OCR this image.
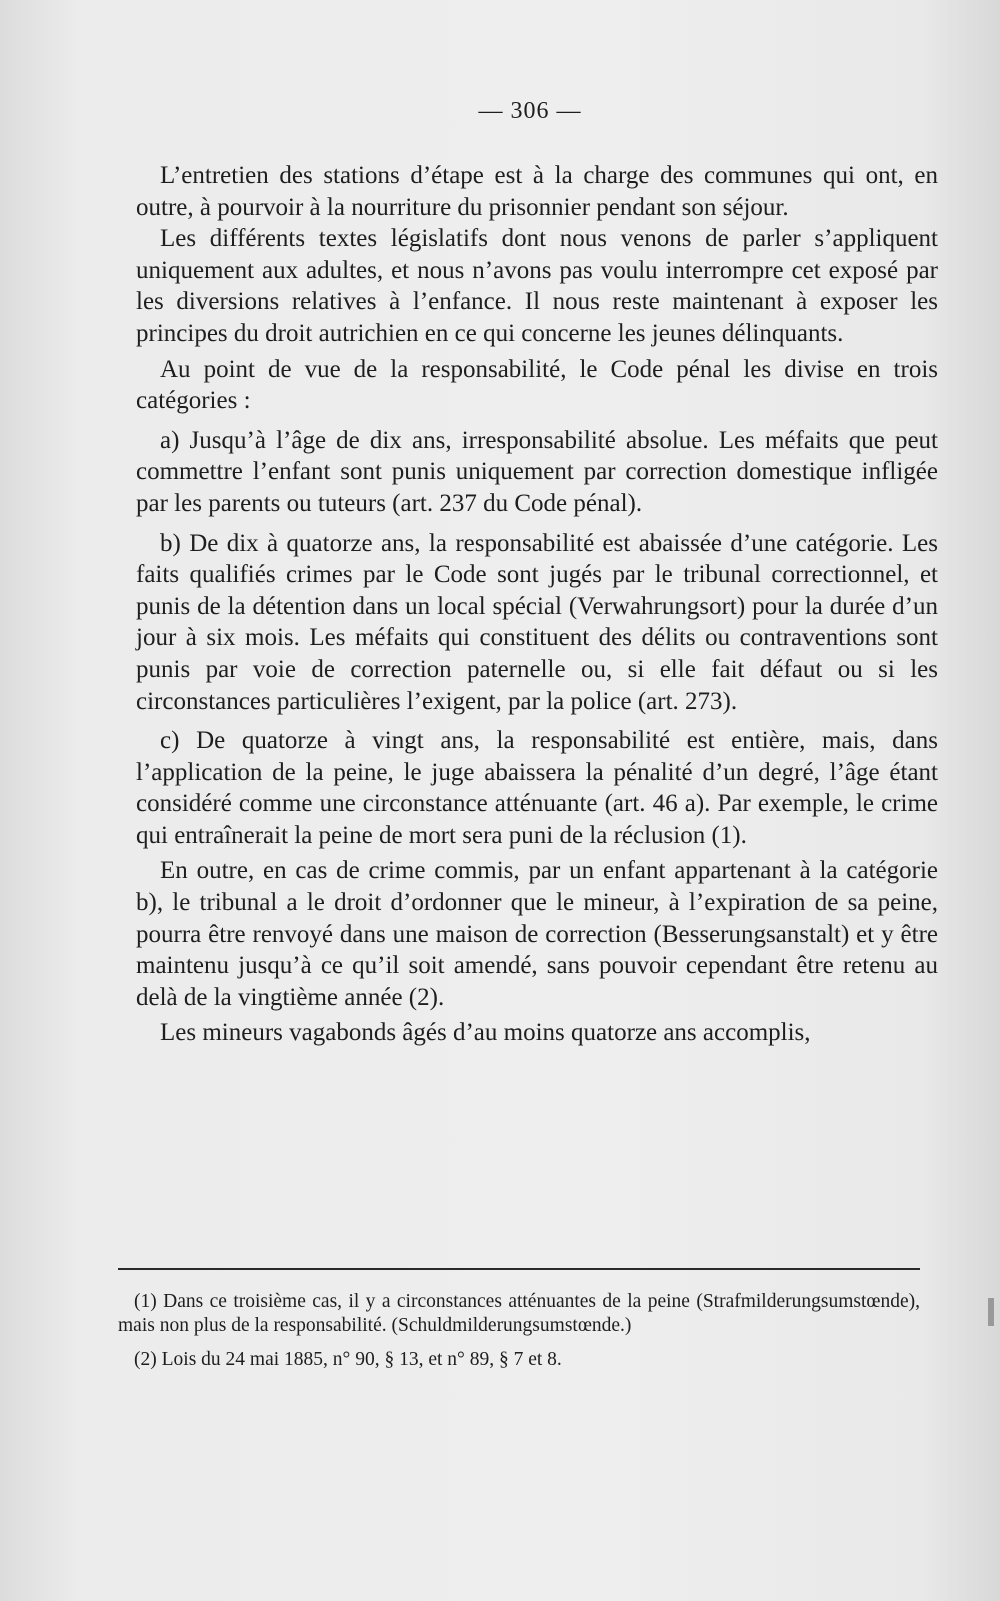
— 306 —

L’entretien des stations d’étape est à la charge des communes qui ont, en outre, à pourvoir à la nourriture du prisonnier pendant son séjour.

Les différents textes législatifs dont nous venons de parler s’appliquent uniquement aux adultes, et nous n’avons pas voulu interrompre cet exposé par les diversions relatives à l’enfance. Il nous reste maintenant à exposer les principes du droit autrichien en ce qui concerne les jeunes délinquants.

Au point de vue de la responsabilité, le Code pénal les divise en trois catégories :

a) Jusqu’à l’âge de dix ans, irresponsabilité absolue. Les méfaits que peut commettre l’enfant sont punis uniquement par correction domestique infligée par les parents ou tuteurs (art. 237 du Code pénal).

b) De dix à quatorze ans, la responsabilité est abaissée d’une catégorie. Les faits qualifiés crimes par le Code sont jugés par le tribunal correctionnel, et punis de la détention dans un local spécial (Verwahrungsort) pour la durée d’un jour à six mois. Les méfaits qui constituent des délits ou contraventions sont punis par voie de correction paternelle ou, si elle fait défaut ou si les circonstances particulières l’exigent, par la police (art. 273).

c) De quatorze à vingt ans, la responsabilité est entière, mais, dans l’application de la peine, le juge abaissera la pénalité d’un degré, l’âge étant considéré comme une circonstance atténuante (art. 46 a). Par exemple, le crime qui entraînerait la peine de mort sera puni de la réclusion (1).

En outre, en cas de crime commis, par un enfant appartenant à la catégorie b), le tribunal a le droit d’ordonner que le mineur, à l’expiration de sa peine, pourra être renvoyé dans une maison de correction (Besserungsanstalt) et y être maintenu jusqu’à ce qu’il soit amendé, sans pouvoir cependant être retenu au delà de la vingtième année (2).

Les mineurs vagabonds âgés d’au moins quatorze ans accomplis,

(1) Dans ce troisième cas, il y a circonstances atténuantes de la peine (Strafmilderungsumstœnde), mais non plus de la responsabilité. (Schuldmilderungsumstœnde.)

(2) Lois du 24 mai 1885, n° 90, § 13, et n° 89, § 7 et 8.
